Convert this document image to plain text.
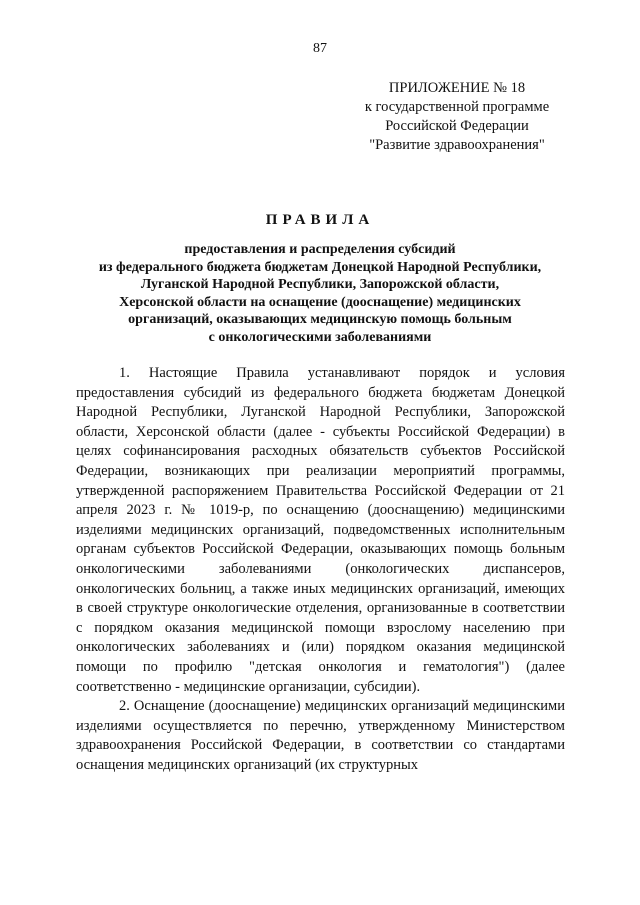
87
ПРИЛОЖЕНИЕ № 18
к государственной программе
Российской Федерации
"Развитие здравоохранения"
ПРАВИЛА
предоставления и распределения субсидий
из федерального бюджета бюджетам Донецкой Народной Республики,
Луганской Народной Республики, Запорожской области,
Херсонской области на оснащение (дооснащение) медицинских
организаций, оказывающих медицинскую помощь больным
с онкологическими заболеваниями

1. Настоящие Правила устанавливают порядок и условия предоставления субсидий из федерального бюджета бюджетам Донецкой Народной Республики, Луганской Народной Республики, Запорожской области, Херсонской области (далее - субъекты Российской Федерации) в целях софинансирования расходных обязательств субъектов Российской Федерации, возникающих при реализации мероприятий программы, утвержденной распоряжением Правительства Российской Федерации от 21 апреля 2023 г. № 1019-р, по оснащению (дооснащению) медицинскими изделиями медицинских организаций, подведомственных исполнительным органам субъектов Российской Федерации, оказывающих помощь больным онкологическими заболеваниями (онкологических диспансеров, онкологических больниц, а также иных медицинских организаций, имеющих в своей структуре онкологические отделения, организованные в соответствии с порядком оказания медицинской помощи взрослому населению при онкологических заболеваниях и (или) порядком оказания медицинской помощи по профилю "детская онкология и гематология") (далее соответственно - медицинские организации, субсидии).

2. Оснащение (дооснащение) медицинских организаций медицинскими изделиями осуществляется по перечню, утвержденному Министерством здравоохранения Российской Федерации, в соответствии со стандартами оснащения медицинских организаций (их структурных
